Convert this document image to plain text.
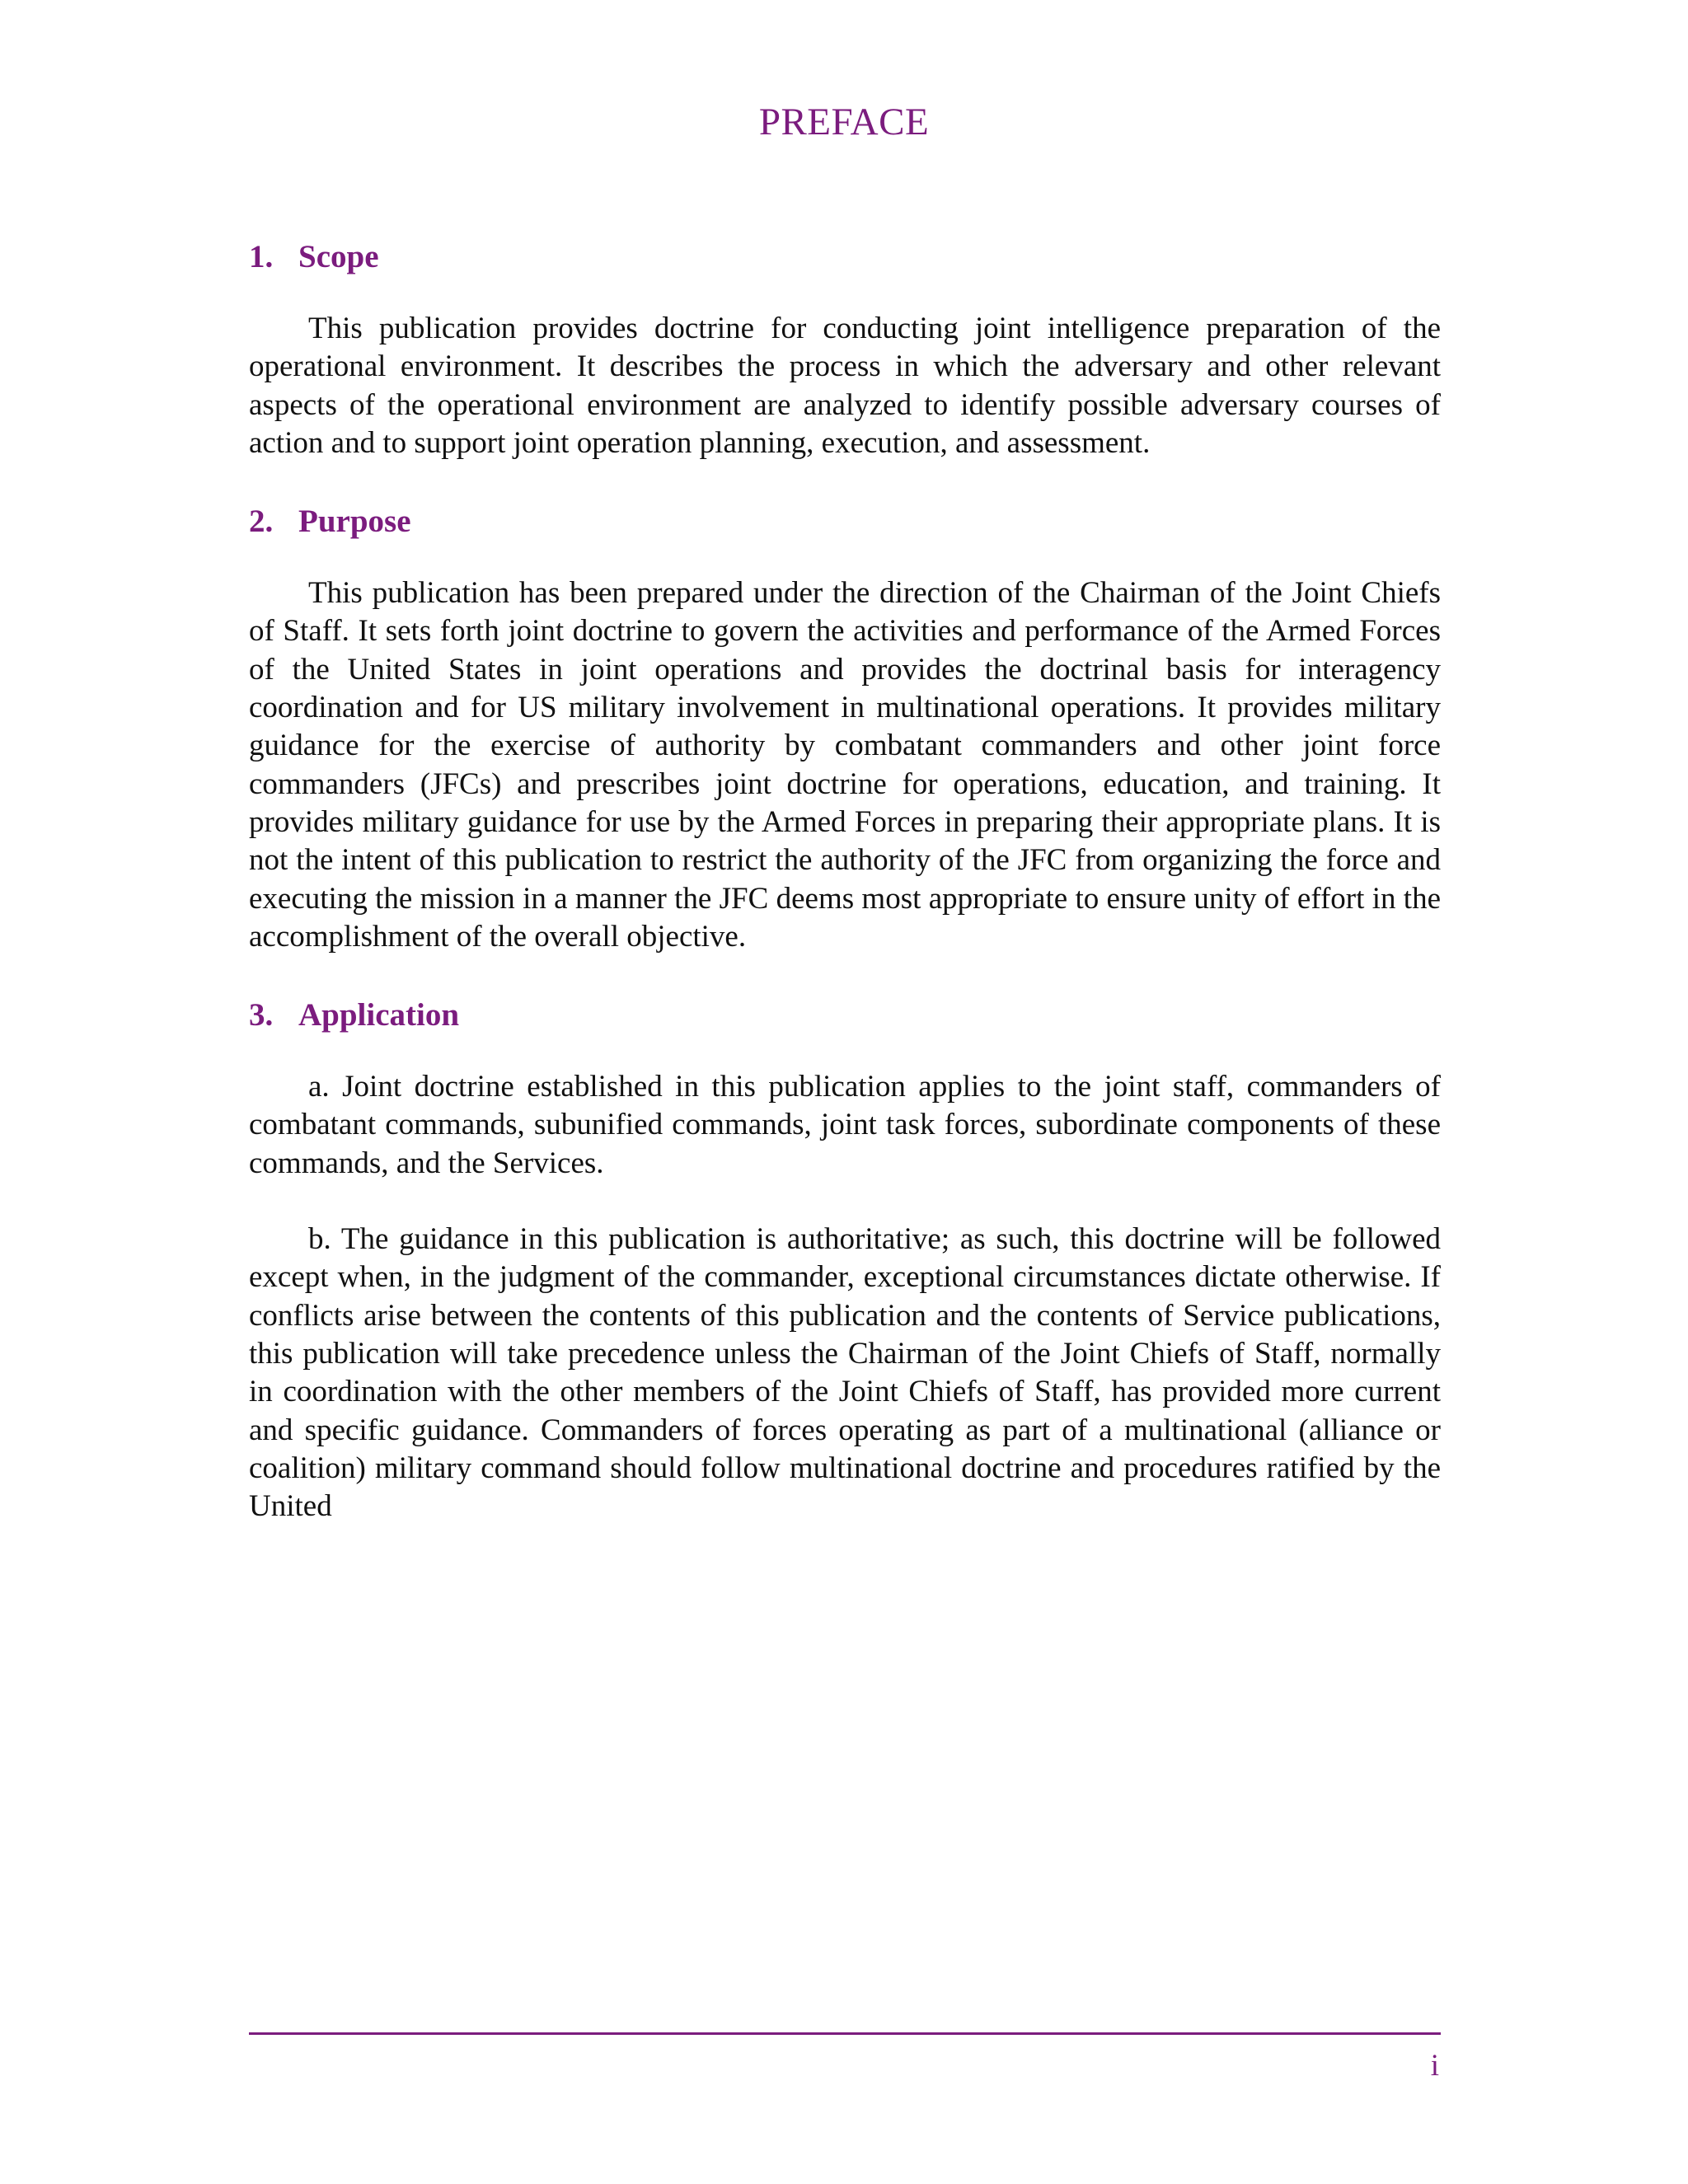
PREFACE
1. Scope

This publication provides doctrine for conducting joint intelligence preparation of the operational environment. It describes the process in which the adversary and other relevant aspects of the operational environment are analyzed to identify possible adversary courses of action and to support joint operation planning, execution, and assessment.

2. Purpose

This publication has been prepared under the direction of the Chairman of the Joint Chiefs of Staff. It sets forth joint doctrine to govern the activities and performance of the Armed Forces of the United States in joint operations and provides the doctrinal basis for interagency coordination and for US military involvement in multinational operations. It provides military guidance for the exercise of authority by combatant commanders and other joint force commanders (JFCs) and prescribes joint doctrine for operations, education, and training. It provides military guidance for use by the Armed Forces in preparing their appropriate plans. It is not the intent of this publication to restrict the authority of the JFC from organizing the force and executing the mission in a manner the JFC deems most appropriate to ensure unity of effort in the accomplishment of the overall objective.

3. Application

a. Joint doctrine established in this publication applies to the joint staff, commanders of combatant commands, subunified commands, joint task forces, subordinate components of these commands, and the Services.

b. The guidance in this publication is authoritative; as such, this doctrine will be followed except when, in the judgment of the commander, exceptional circumstances dictate otherwise. If conflicts arise between the contents of this publication and the contents of Service publications, this publication will take precedence unless the Chairman of the Joint Chiefs of Staff, normally in coordination with the other members of the Joint Chiefs of Staff, has provided more current and specific guidance. Commanders of forces operating as part of a multinational (alliance or coalition) military command should follow multinational doctrine and procedures ratified by the United

i
